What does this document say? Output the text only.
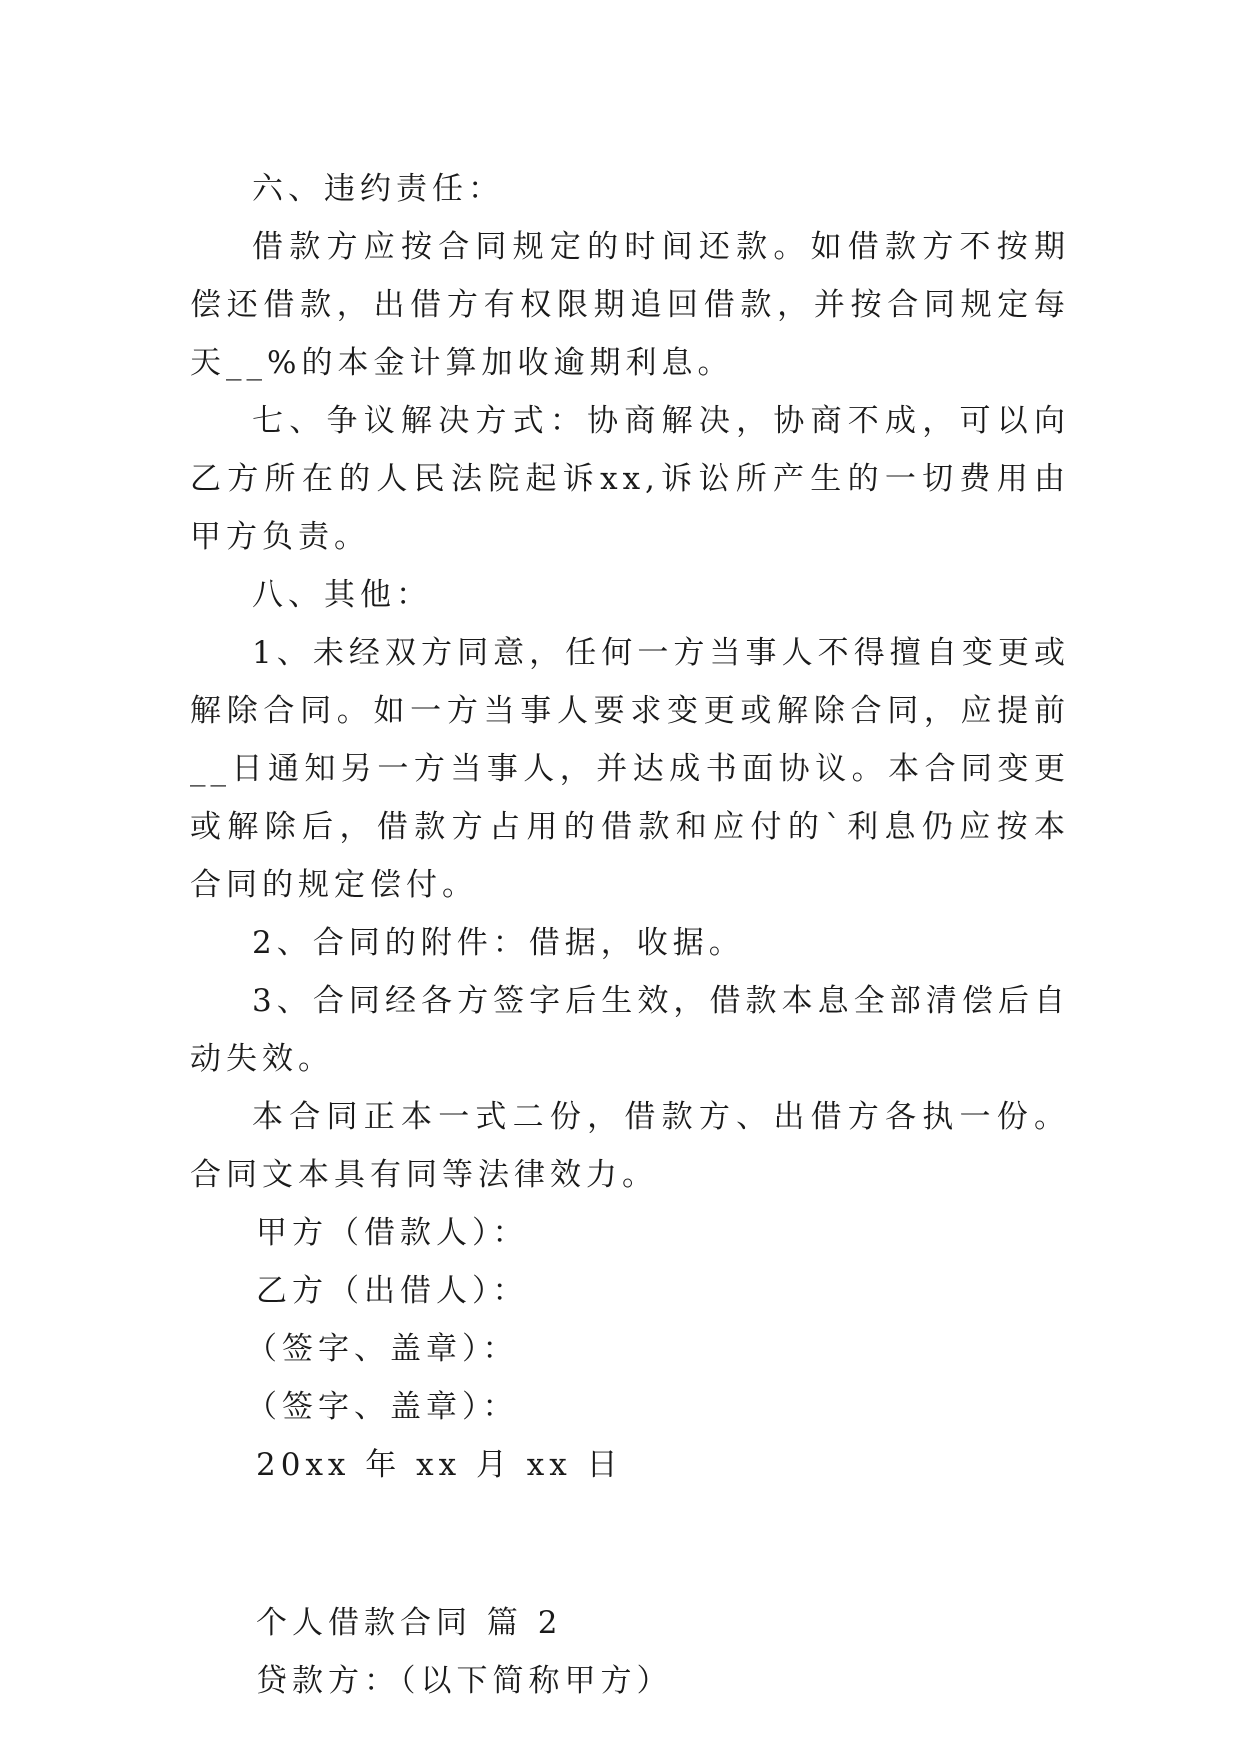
六、违约责任：

借款方应按合同规定的时间还款。如借款方不按期偿还借款，出借方有权限期追回借款，并按合同规定每天__%的本金计算加收逾期利息。

七、争议解决方式：协商解决，协商不成，可以向乙方所在的人民法院起诉xx,诉讼所产生的一切费用由甲方负责。

八、其他：

1、未经双方同意，任何一方当事人不得擅自变更或解除合同。如一方当事人要求变更或解除合同，应提前__日通知另一方当事人，并达成书面协议。本合同变更或解除后，借款方占用的借款和应付的`利息仍应按本合同的规定偿付。

2、合同的附件：借据，收据。

3、合同经各方签字后生效，借款本息全部清偿后自动失效。

本合同正本一式二份，借款方、出借方各执一份。合同文本具有同等法律效力。

甲方（借款人）：

乙方（出借人）：

（签字、盖章）：

（签字、盖章）：

20xx 年 xx 月 xx 日

个人借款合同 篇 2

贷款方：（以下简称甲方）
